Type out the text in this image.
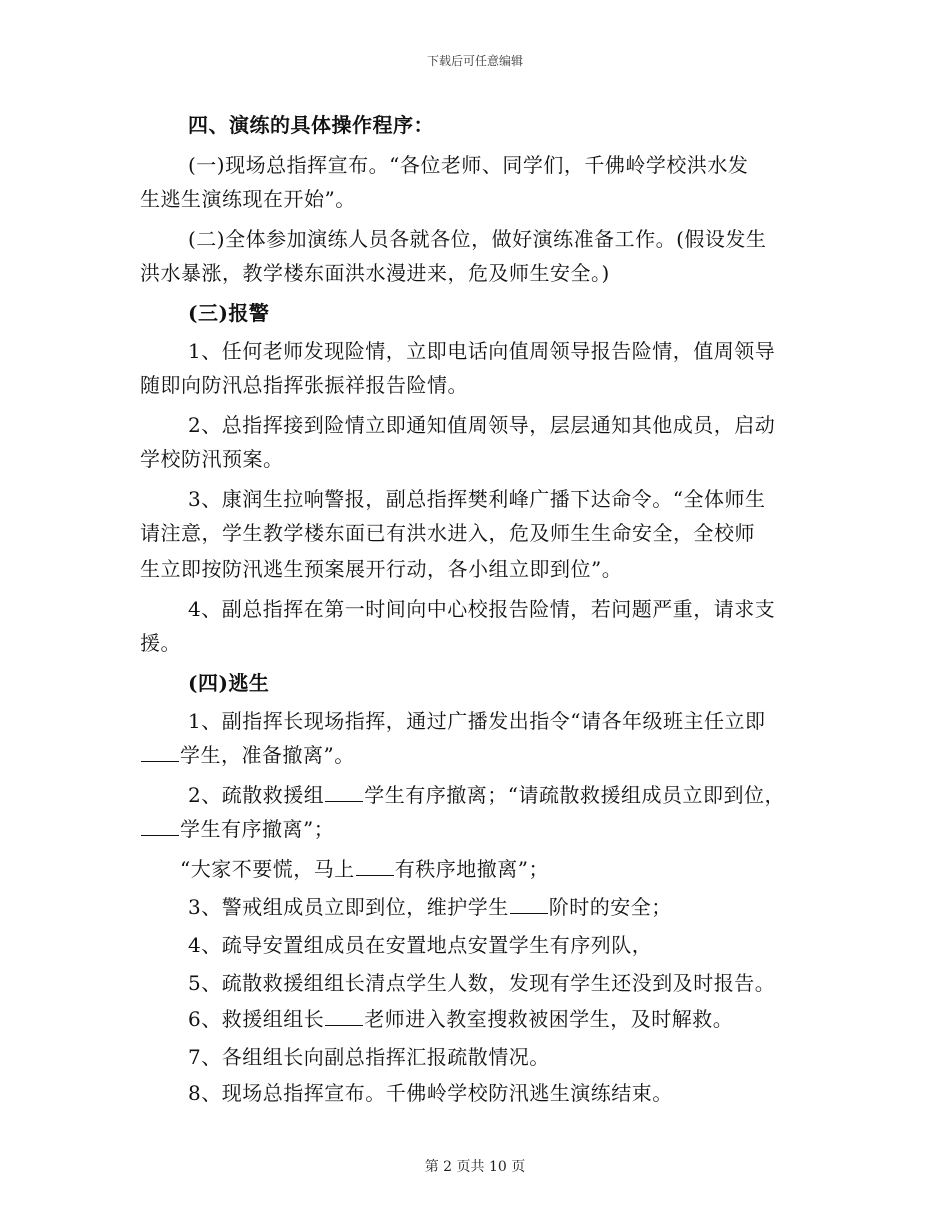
下载后可任意编辑
四、演练的具体操作程序：
(一)现场总指挥宣布。“各位老师、同学们，千佛岭学校洪水发
生逃生演练现在开始”。
(二)全体参加演练人员各就各位，做好演练准备工作。(假设发生
洪水暴涨，教学楼东面洪水漫进来，危及师生安全。)
(三)报警
1、任何老师发现险情，立即电话向值周领导报告险情，值周领导
随即向防汛总指挥张振祥报告险情。
2、总指挥接到险情立即通知值周领导，层层通知其他成员，启动
学校防汛预案。
3、康润生拉响警报，副总指挥樊利峰广播下达命令。“全体师生
请注意，学生教学楼东面已有洪水进入，危及师生生命安全，全校师
生立即按防汛逃生预案展开行动，各小组立即到位”。
4、副总指挥在第一时间向中心校报告险情，若问题严重，请求支
援。
(四)逃生
1、副指挥长现场指挥，通过广播发出指令“请各年级班主任立即
学生，准备撤离”。
2、疏散救援组 学生有序撤离；“请疏散救援组成员立即到位，
学生有序撤离”；
“大家不要慌，马上 有秩序地撤离”；
3、警戒组成员立即到位，维护学生 阶时的安全；
4、疏导安置组成员在安置地点安置学生有序列队，
5、疏散救援组组长清点学生人数，发现有学生还没到及时报告。
6、救援组组长 老师进入教室搜救被困学生，及时解救。
7、各组组长向副总指挥汇报疏散情况。
8、现场总指挥宣布。千佛岭学校防汛逃生演练结束。
第 2 页共 10 页
